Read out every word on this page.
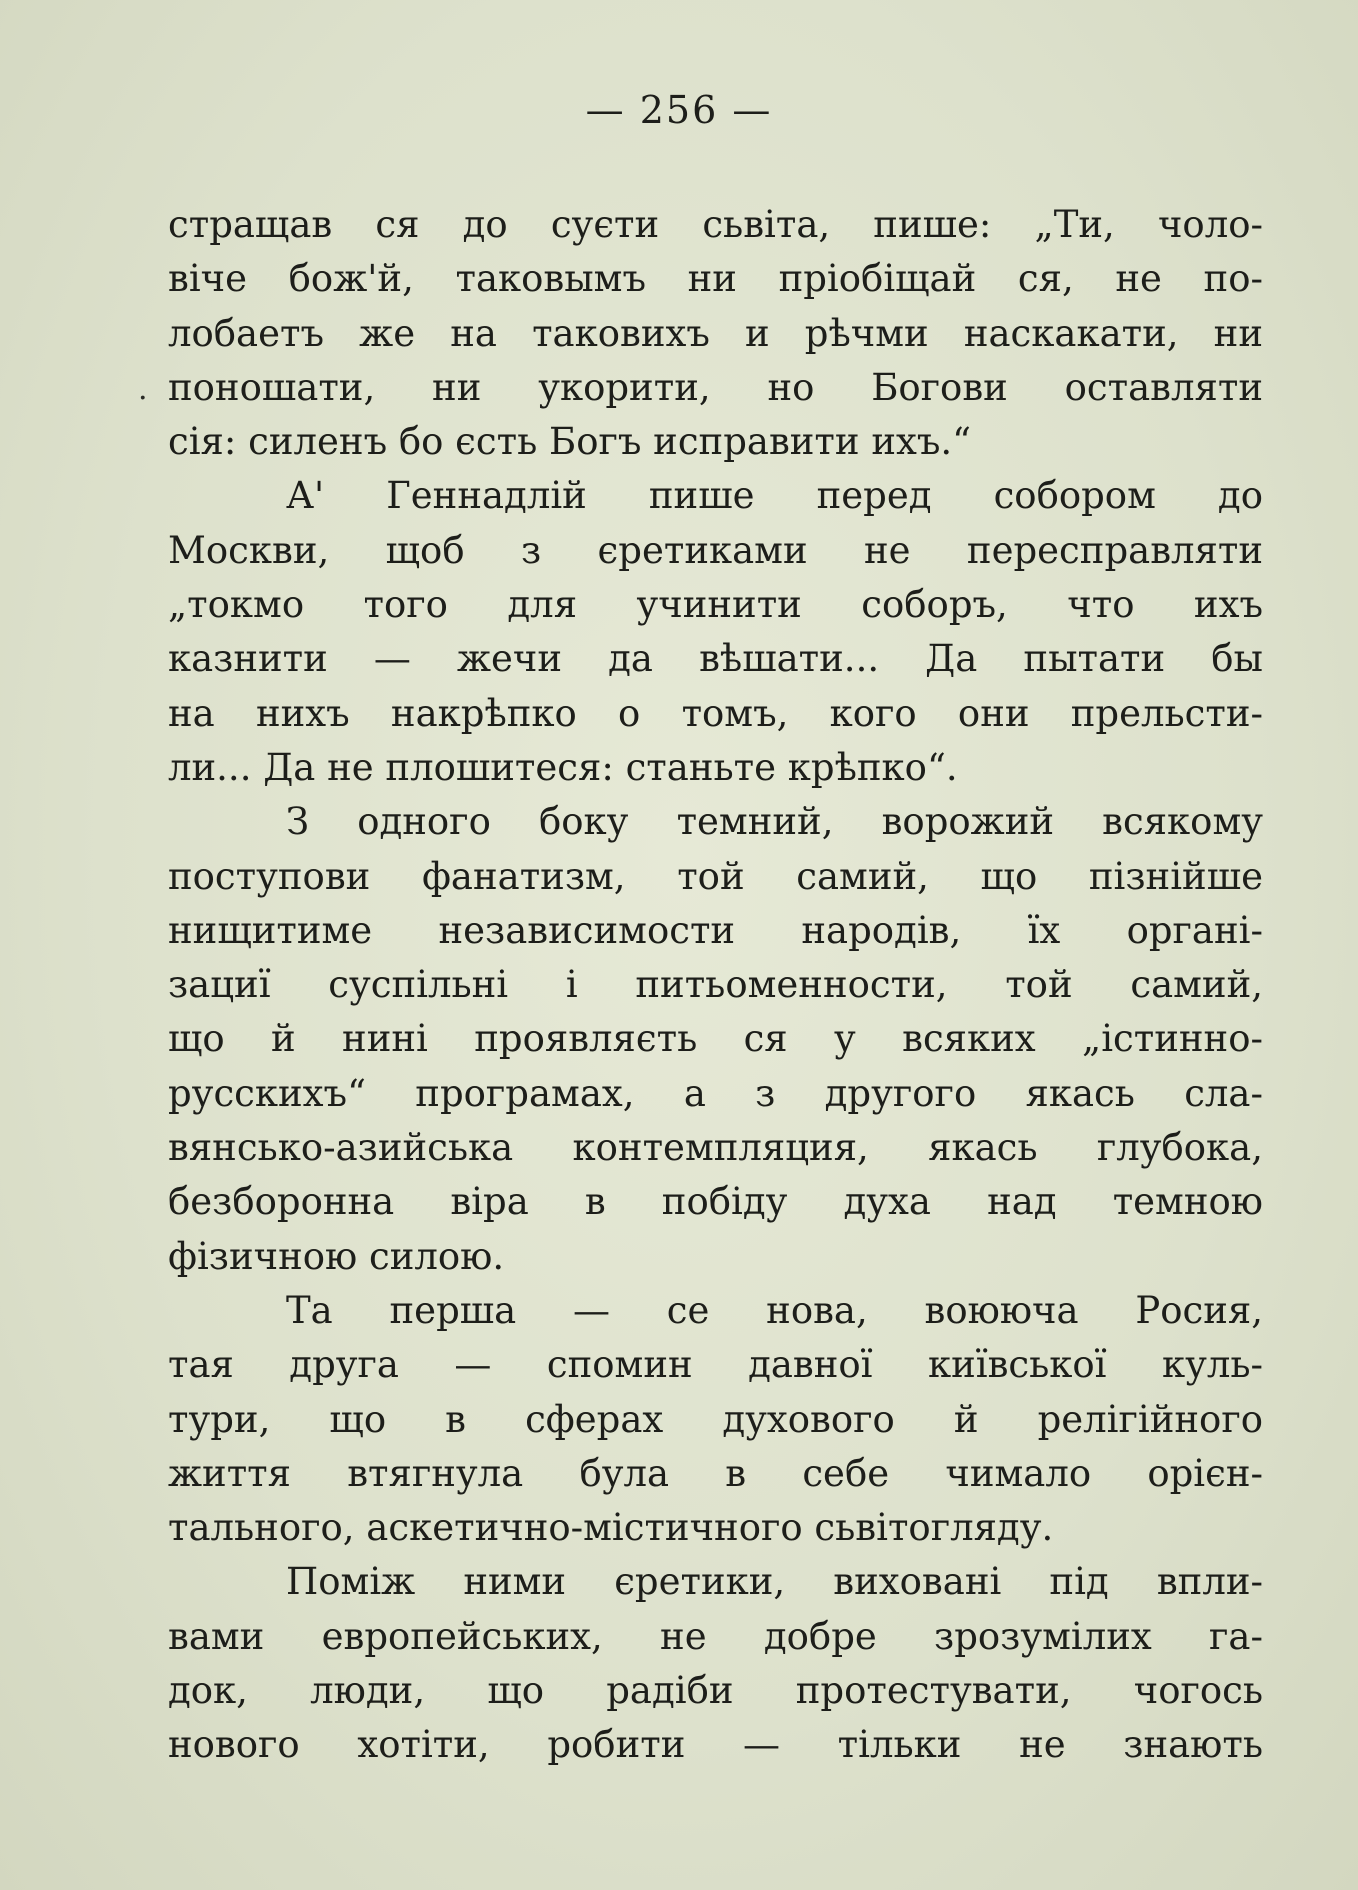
— 256 —
.
стращав ся до суєти сьвіта, пише: „Ти, чоло-
віче бож'й, таковымъ ни пріобіщай ся, не по-
лобаетъ же на таковихъ и рѣчми наскакати, ни
поношати, ни укорити, но Богови оставляти
сія: силенъ бо єсть Богъ исправити ихъ.“
А' Геннадлій пише перед собором до
Москви, щоб з єретиками не пересправляти
„токмо того для учинити соборъ, что ихъ
казнити — жечи да вѣшати... Да пытати бы
на нихъ накрѣпко о томъ, кого они прельсти-
ли... Да не плошитеся: станьте крѣпко“.
З одного боку темний, ворожий всякому
поступови фанатизм, той самий, що пізнійше
нищитиме независимости народів, їх органі-
зациї суспільні і питьоменности, той самий,
що й нині проявляєть ся у всяких „істинно-
русскихъ“ програмах, а з другого якась сла-
вянсько-азийська контемпляция, якась глубока,
безборонна віра в побіду духа над темною
фізичною силою.
Та перша — се нова, воююча Росия,
тая друга — спомин давної київської куль-
тури, що в сферах духового й релігійного
життя втягнула була в себе чимало орієн-
тального, аскетично-містичного сьвітогляду.
Поміж ними єретики, виховані під впли-
вами европейських, не добре зрозумілих га-
док, люди, що радіби протестувати, чогось
нового хотіти, робити — тільки не знають
